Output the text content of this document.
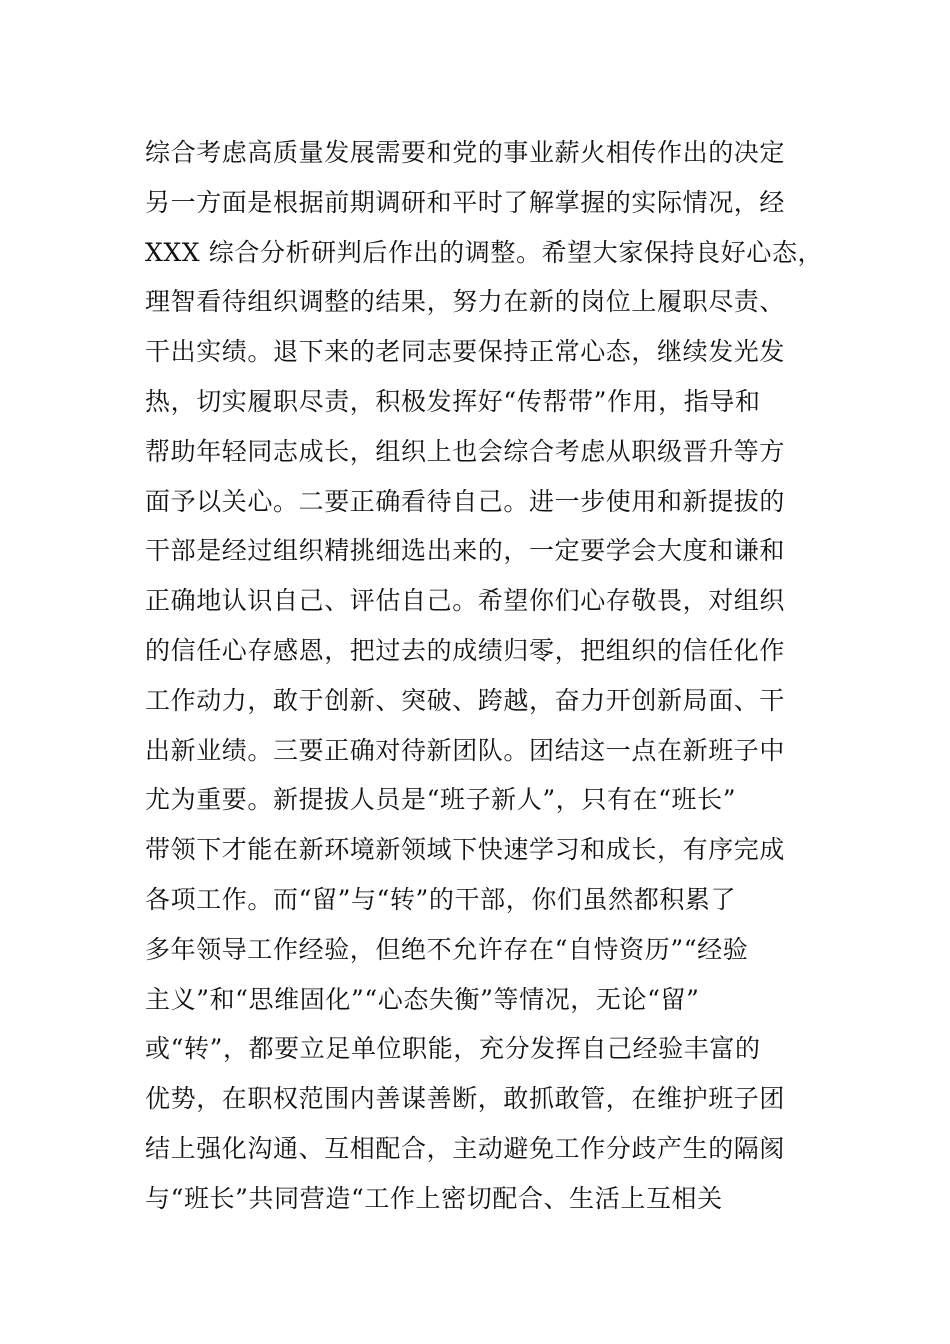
综合考虑高质量发展需要和党的事业薪火相传作出的决定
另一方面是根据前期调研和平时了解掌握的实际情况，经
XXX 综合分析研判后作出的调整。希望大家保持良好心态，
理智看待组织调整的结果，努力在新的岗位上履职尽责、
干出实绩。退下来的老同志要保持正常心态，继续发光发
热，切实履职尽责，积极发挥好“传帮带”作用，指导和
帮助年轻同志成长，组织上也会综合考虑从职级晋升等方
面予以关心。二要正确看待自己。进一步使用和新提拔的
干部是经过组织精挑细选出来的，一定要学会大度和谦和
正确地认识自己、评估自己。希望你们心存敬畏，对组织
的信任心存感恩，把过去的成绩归零，把组织的信任化作
工作动力，敢于创新、突破、跨越，奋力开创新局面、干
出新业绩。三要正确对待新团队。团结这一点在新班子中
尤为重要。新提拔人员是“班子新人”，只有在“班长”
带领下才能在新环境新领域下快速学习和成长，有序完成
各项工作。而“留”与“转”的干部，你们虽然都积累了
多年领导工作经验，但绝不允许存在“自恃资历”“经验
主义”和“思维固化”“心态失衡”等情况，无论“留”
或“转”，都要立足单位职能，充分发挥自己经验丰富的
优势，在职权范围内善谋善断，敢抓敢管，在维护班子团
结上强化沟通、互相配合，主动避免工作分歧产生的隔阂
与“班长”共同营造“工作上密切配合、生活上互相关
